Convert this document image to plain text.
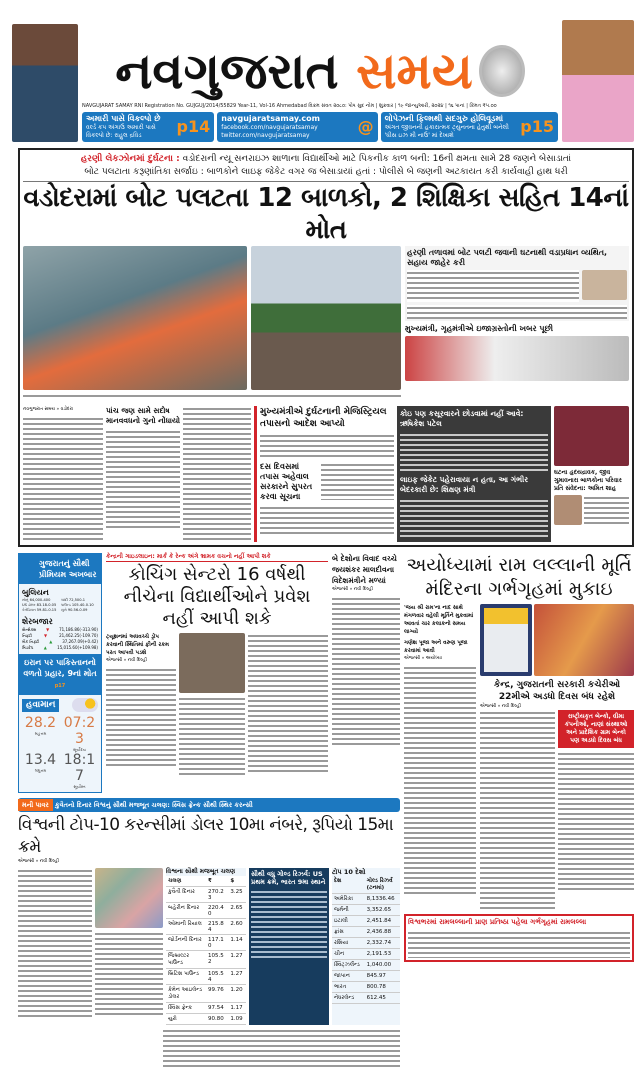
નવગુજરાત સમય
NAVGUJARAT SAMAY RNI Registration No. GUJGUJ/2014/55829 Year-11, Vol-16 Ahmedabad વિક્રમ સંવત ૨૦૮૦: પોષ સુદ નોમ | શુક્રવાર | ૧૯ જાન્યુઆરી, ૨૦૨૪ | ૧૬ પાનાં | કિંમત ₹૫.૦૦
અમારી પાસે વિકલ્પો છે
વર્લ્ડ કપ અંગાઉ અમારી પાસે વિકલ્પો છે: રાહુલ દ્રવિડ	p14 navgujaratsamay.com
facebook.com/navgujaratsamay
twitter.com/navgujaratsamay	@ લોપેઝની ફિલ્મથી સદગુરુ હોલિવૂડમાં
અંગત જીવનની હકારાત્મક ટ્યુનતના હેતુથી બનેલી 'ધીસ ઇઝ મી નાઉ' માં દેખાશે	p15
હરણી લેકઝોનમાં દુર્ઘટના : વડોદરાની ન્યૂ સનરાઇઝ શાળાના વિદ્યાર્થીઓ માટે પિકનીક કાળ બની: 16ની ક્ષમતા સામે 28 જણને બેસાડાતાં
બોટ પલટાતા કરૂણાંતિકા સર્જાઇ : બાળકોને લાઇફ જેકેટ વગર જ બેસાડાયાં હતાં : પોલીસે બે જણની અટકાયત કરી કાર્યવાહી હાથ ધરી
વડોદરામાં બોટ પલટતા 12 બાળકો, 2 શિક્ષિકા સહિત 14નાં મોત
હરણી તળાવમાં બોટ પલટી જવાની ઘટનાથી વડાપ્રધાન વ્યથિત, સહાય જાહેર કરી
મુખ્યમંત્રી, ગૃહમંત્રીએ ઇજાગ્રસ્તોની ખબર પૂછી
નવગુજરાત સમય » વડોદરા	પાંચ જણ સામે સદોષ માનવવધનો ગુનો નોંધાયો
મુખ્યમંત્રીએ દુર્ઘટનાની મેજિસ્ટ્રિયલ તપાસનો આદેશ આપ્યો
દસ દિવસમાં તપાસ અહેવાલ સરકારને સુપરત કરવા સૂચના
કોઇ પણ કસૂરવારને છોડવામાં નહીં આવે: ઋષિકેશ પટેલ
લાઇફ જેકેટ પહેરાવાયા ન હતા, આ ગંભીર બેદરકારી છે: શિક્ષણ મંત્રી
ઘટના હૃદયદ્રાવક, જીવ ગુમાવનારા બાળકોના પરિવાર પ્રતિ સંવેદના: અમિત શાહ
ગુજરાતનું સૌથી પ્રીમિયમ અખબાર
બુલિયન
સોનું 64,000-400	ચાંદી 72,500-1
US ડોલર 83.18-0.05	પાઉન્ડ 105.40-0.10
કેનેડિયન 59.81-0.15	યુરો 90.56-0.09
શેરબજાર
સેન્સેક્સ ▼ 71,186.86(-313.90)
નિફ્ટી	▼	21,462.25(-109.70)
બેંક નિફ્ટી ▲ 37,267.09(+0.42)
મિડકેપ	▲	15,015.60(+109.98)
ઇરાન પર પાકિસ્તાનનો વળતો પ્રહાર, 9નાં મોત p17
હવામાન
28.2
મહત્તમ
07:23
સૂર્યોદય
13.4
લઘુત્તમ
18:17
સૂર્યાસ્ત
કેન્દ્રની ગાઇડલાઇન: માર્ક કે રેન્ક અંગે ભ્રામક વચનો નહીં આપી શકે
કોચિંગ સેન્ટરો 16 વર્ષથી નીચેના વિદ્યાર્થીઓને પ્રવેશ નહીં આપી શકે
ટ્યૂશનમાં અધવચ્ચે ડ્રોપ કરવાની સ્થિતિમાં ફીની રકમ પરત આપવી પડશે
એજન્સી » નવી દિલ્હી
બે દેશોના વિવાદ વચ્ચે જયશંકર માલદીવના વિદેશમંત્રીને મળ્યાં
એજન્સી » નવી દિલ્હી
મની પાવર કુવૈતનો દિનાર વિશ્વનું સૌથી મજબૂત ચલણ: સ્વિસ ફ્રેન્ક સૌથી સ્થિર કરન્સી
વિશ્વની ટોપ-10 કરન્સીમાં ડોલર 10મા નંબરે, રૂપિયો 15મા ક્રમે
એજન્સી » નવી દિલ્હી
વિશ્વના સૌથી મજબૂત ચલણ
ચલણ	₹	$
કુવૈતી દિનાર	270.23	3.25
બહેરીન દિનાર	220.40	2.65
ઓમાની રિયાલ	215.84	2.60
જોર્ડનની દિનાર	117.10	1.14
જિબ્રાલ્ટર પાઉન્ડ	105.52	1.27
બ્રિટિશ પાઉન્ડ	105.54	1.27
કેમેન આઇલેન્ડ ડોલર	99.76	1.20
સ્વિસ ફ્રેન્ક	97.54	1.17
યુરો	90.80	1.09
સૌથી વધુ ગોલ્ડ રિઝર્વ: US પ્રથમ ક્રમે, ભારત 9મા સ્થાને
ટોપ 10 દેશો
દેશ	ગોલ્ડ રિઝર્વ (ટનમાં)
અમેરિકા	8,1336.46
જર્મની	3,352.65
ઇટાલી	2,451.84
ફ્રાંસ	2,436.88
રશિયા	2,332.74
ચીન	2,191.53
સ્વિટ્ઝર્લેન્ડ	1,040.00
જાપાન	845.97
ભારત	800.78
નેધરલેન્ડ	612.45
અયોધ્યામાં રામ લલ્લાની મૂર્તિ મંદિરના ગર્ભગૃહમાં મુકાઇ
'જય શ્રી રામ'ના નાદ સાથે મંગળવાર વહેલી મૂર્તિને મુકવામાં આવતાં ચાર કલાકનો સમય લાગ્યો
ગણેશ પૂજા અને વરુણ પૂજા કરવામાં આવી
એજન્સી » અયોધ્યા
કેન્દ્ર, ગુજરાતની સરકારી કચેરીઓ 22મીએ અડધો દિવસ બંધ રહેશે
એજન્સી » નવી દિલ્હી
રાષ્ટ્રીયકૃત બેન્કો, વીમા કંપનીઓ, નાણાં સંસ્થાઓ અને પ્રાદેશિક ગ્રામ બેન્કો પણ અડધો દિવસ બંધ
વિશ્વભરમાં રામલલ્લાની પ્રાણ પ્રતિષ્ઠા પહેલા ગર્ભગૃહમાં રામલલ્લા
